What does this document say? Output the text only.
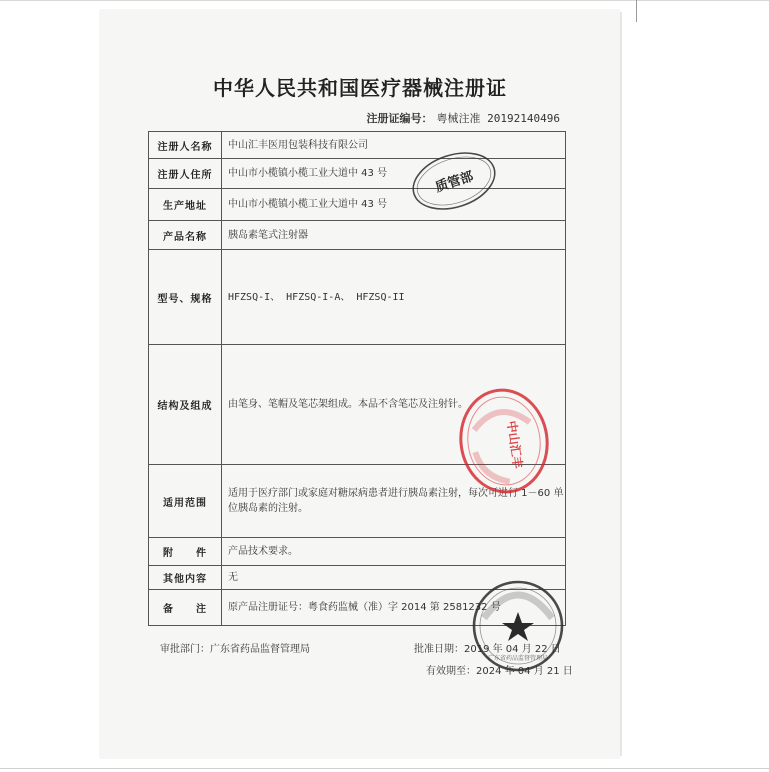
中华人民共和国医疗器械注册证
注册证编号： 粤械注准 20192140496
注册人名称	中山汇丰医用包装科技有限公司
注册人住所	中山市小榄镇小榄工业大道中 43 号
生产地址	中山市小榄镇小榄工业大道中 43 号
产品名称	胰岛素笔式注射器
型号、规格	HFZSQ-I、 HFZSQ-I-A、 HFZSQ-II
结构及组成	由笔身、笔帽及笔芯架组成。本品不含笔芯及注射针。
适用范围	适用于医疗部门或家庭对糖尿病患者进行胰岛素注射，每次可进行 1－60 单位胰岛素的注射。
附　　件	产品技术要求。
其他内容	无
备　　注	原产品注册证号：粤食药监械（准）字 2014 第 2581232 号
审批部门：广东省药品监督管理局	批准日期：2019 年 04 月 22 日
有效期至：2024 年 04 月 21 日
质管部
中山汇丰
广东省药品监督管理局
